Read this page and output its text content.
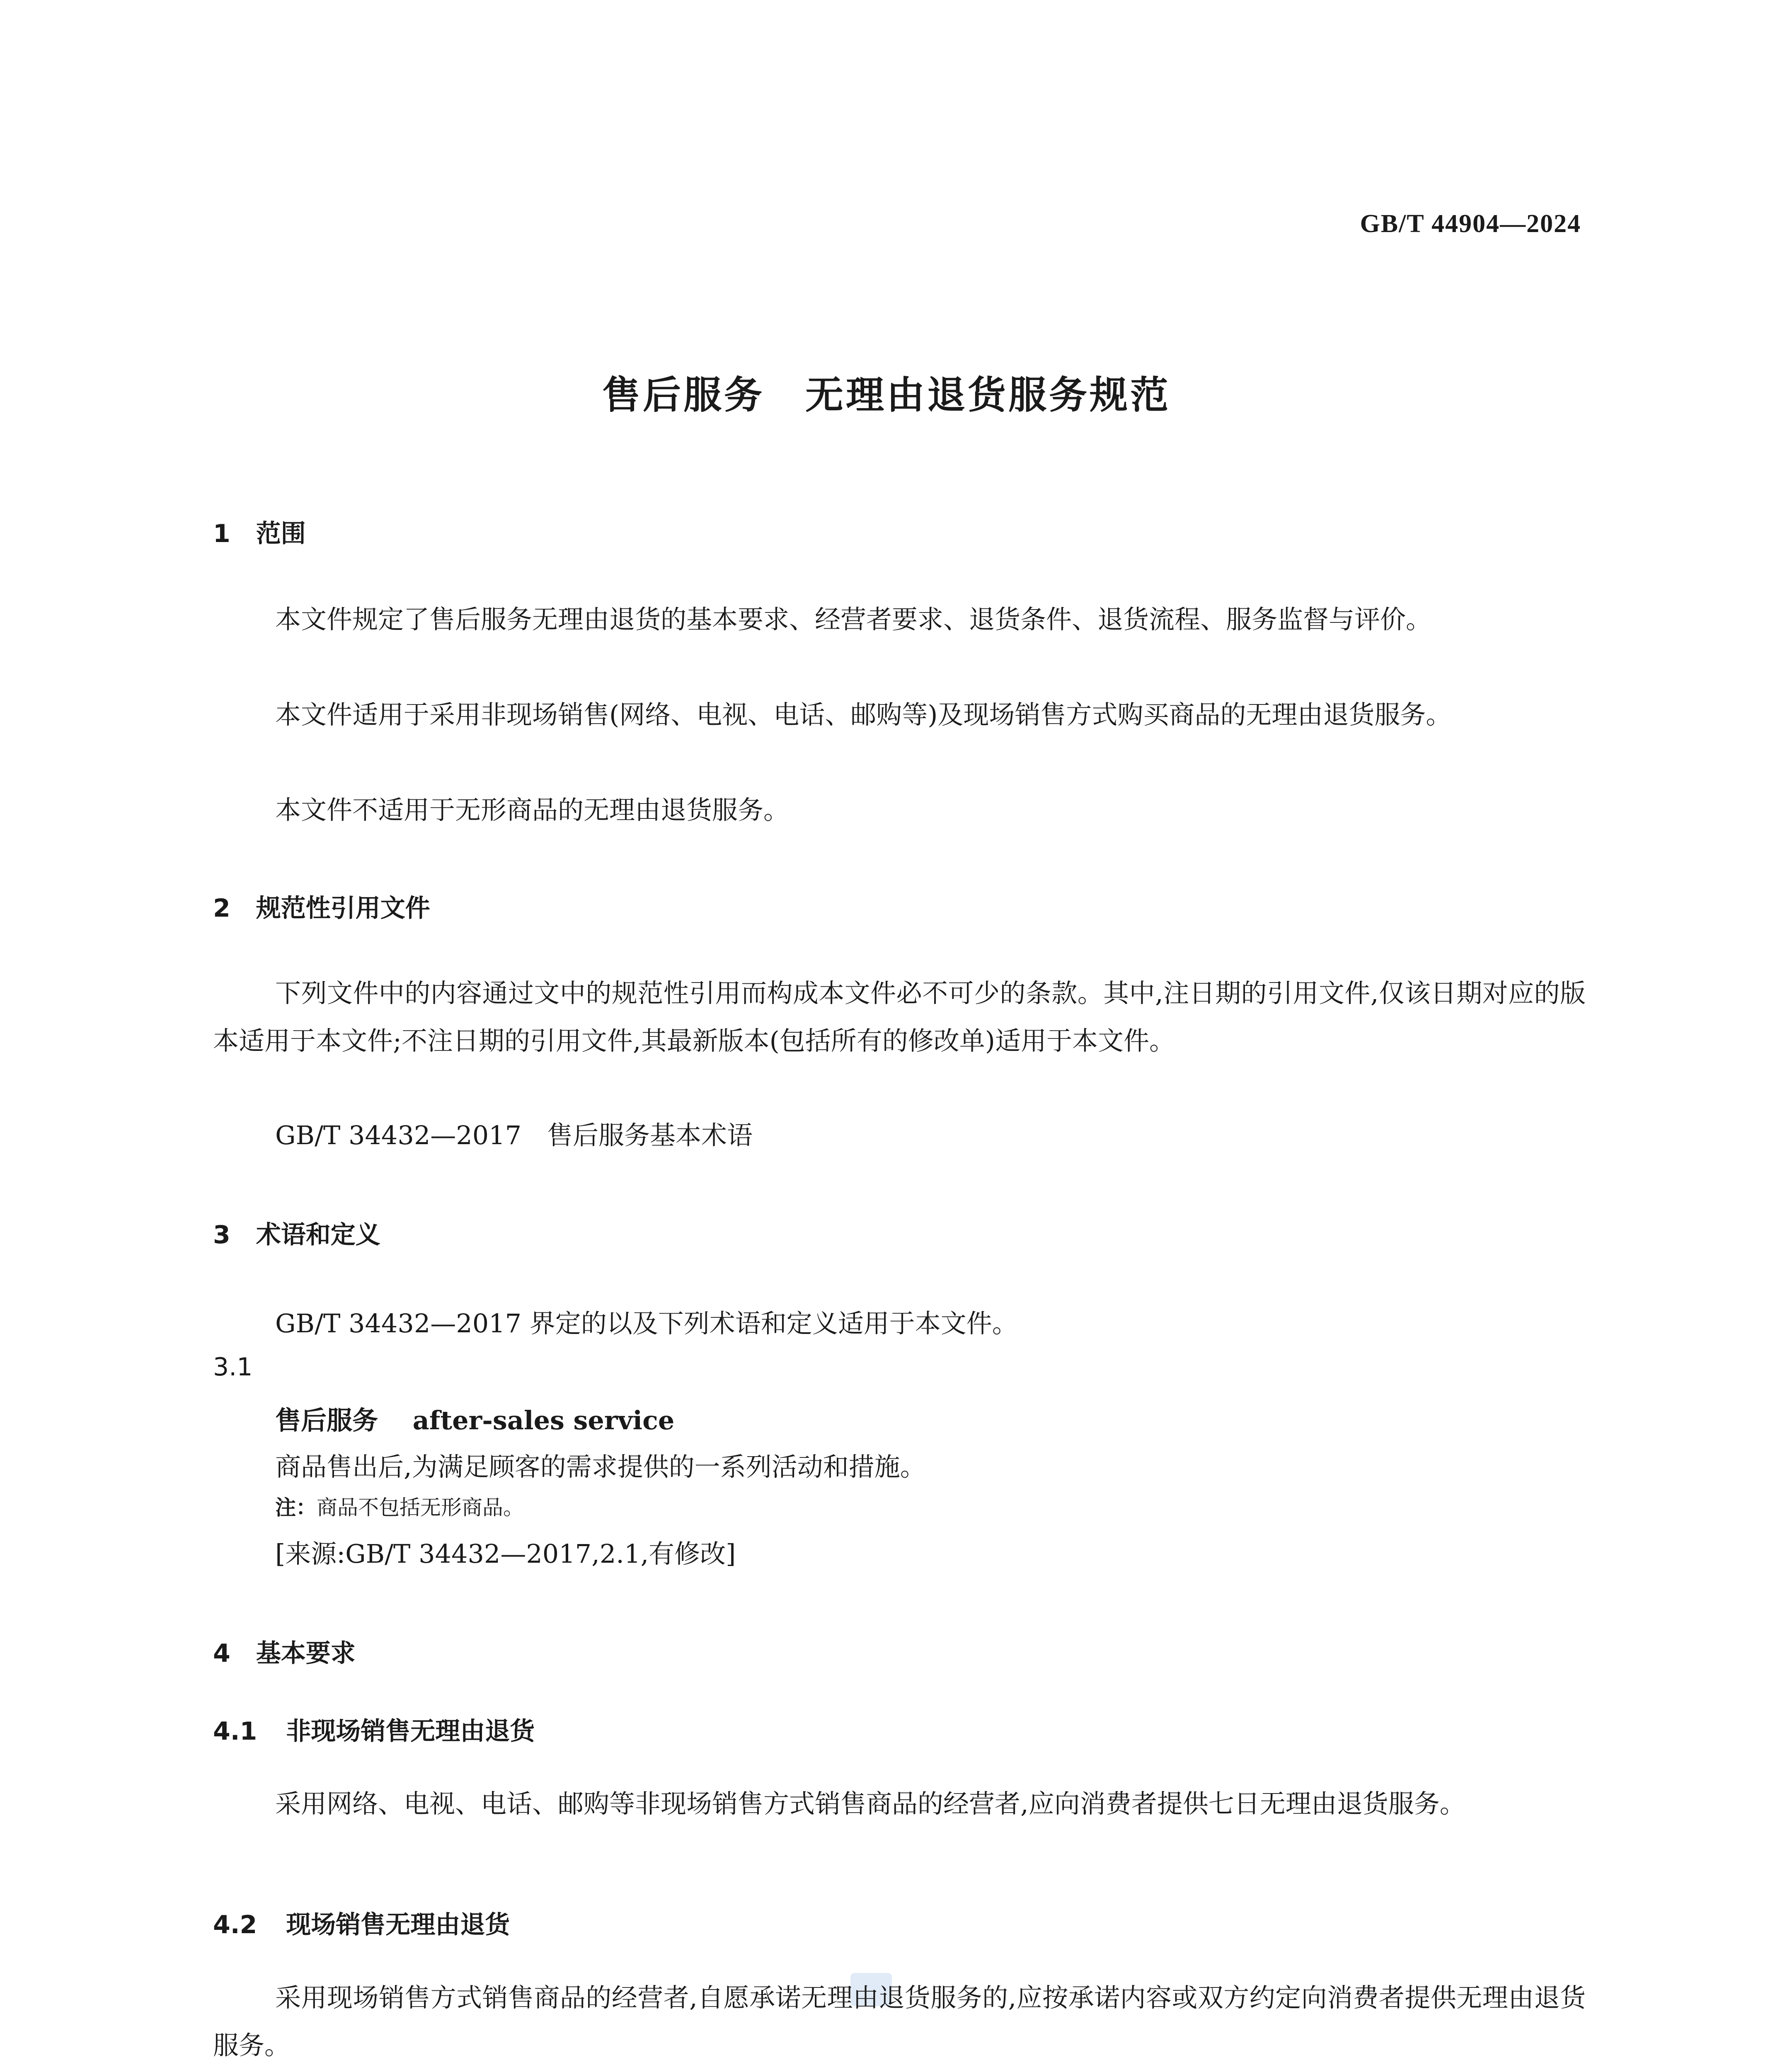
GB/T 44904—2024
售后服务　无理由退货服务规范
1 范围
本文件规定了售后服务无理由退货的基本要求、经营者要求、退货条件、退货流程、服务监督与评价。
本文件适用于采用非现场销售(网络、电视、电话、邮购等)及现场销售方式购买商品的无理由退货服务。
本文件不适用于无形商品的无理由退货服务。
2 规范性引用文件
下列文件中的内容通过文中的规范性引用而构成本文件必不可少的条款。其中,注日期的引用文件,仅该日期对应的版本适用于本文件;不注日期的引用文件,其最新版本(包括所有的修改单)适用于本文件。
GB/T 34432—2017　售后服务基本术语
3 术语和定义
GB/T 34432—2017 界定的以及下列术语和定义适用于本文件。
3.1
售后服务　 after-sales service
商品售出后,为满足顾客的需求提供的一系列活动和措施。
注：商品不包括无形商品。
[来源:GB/T 34432—2017,2.1,有修改]
4 基本要求
4.1 非现场销售无理由退货
采用网络、电视、电话、邮购等非现场销售方式销售商品的经营者,应向消费者提供七日无理由退货服务。
4.2 现场销售无理由退货
采用现场销售方式销售商品的经营者,自愿承诺无理由退货服务的,应按承诺内容或双方约定向消费者提供无理由退货服务。
